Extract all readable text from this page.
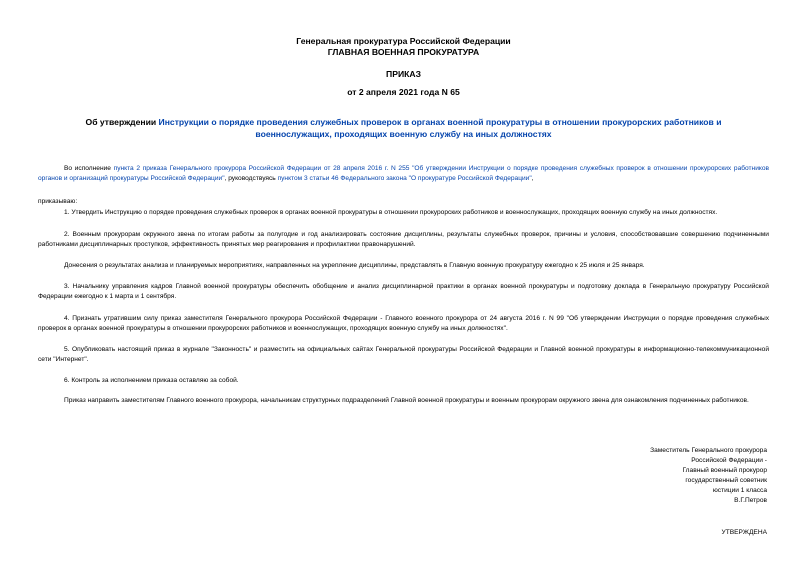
Генеральная прокуратура Российской Федерации
ГЛАВНАЯ ВОЕННАЯ ПРОКУРАТУРА
ПРИКАЗ
от 2 апреля 2021 года N 65
Об утверждении Инструкции о порядке проведения служебных проверок в органах военной прокуратуры в отношении прокурорских работников и военнослужащих, проходящих военную службу на иных должностях
Во исполнение пункта 2 приказа Генерального прокурора Российской Федерации от 28 апреля 2016 г. N 255 "Об утверждении Инструкции о порядке проведения служебных проверок в отношении прокурорских работников органов и организаций прокуратуры Российской Федерации", руководствуясь пунктом 3 статьи 46 Федерального закона "О прокуратуре Российской Федерации",
приказываю:
1. Утвердить Инструкцию о порядке проведения служебных проверок в органах военной прокуратуры в отношении прокурорских работников и военнослужащих, проходящих военную службу на иных должностях.
2. Военным прокурорам окружного звена по итогам работы за полугодие и год анализировать состояние дисциплины, результаты служебных проверок, причины и условия, способствовавшие совершению подчиненными работниками дисциплинарных проступков, эффективность принятых мер реагирования и профилактики правонарушений.
Донесения о результатах анализа и планируемых мероприятиях, направленных на укрепление дисциплины, представлять в Главную военную прокуратуру ежегодно к 25 июля и 25 января.
3. Начальнику управления кадров Главной военной прокуратуры обеспечить обобщение и анализ дисциплинарной практики в органах военной прокуратуры и подготовку доклада в Генеральную прокуратуру Российской Федерации ежегодно к 1 марта и 1 сентября.
4. Признать утратившим силу приказ заместителя Генерального прокурора Российской Федерации - Главного военного прокурора от 24 августа 2016 г. N 99 "Об утверждении Инструкции о порядке проведения служебных проверок в органах военной прокуратуры в отношении прокурорских работников и военнослужащих, проходящих военную службу на иных должностях".
5. Опубликовать настоящий приказ в журнале "Законность" и разместить на официальных сайтах Генеральной прокуратуры Российской Федерации и Главной военной прокуратуры в информационно-телекоммуникационной сети "Интернет".
6. Контроль за исполнением приказа оставляю за собой.
Приказ направить заместителям Главного военного прокурора, начальникам структурных подразделений Главной военной прокуратуры и военным прокурорам окружного звена для ознакомления подчиненных работников.
Заместитель Генерального прокурора
Российской Федерации -
Главный военный прокурор
государственный советник
юстиции 1 класса
В.Г.Петров
УТВЕРЖДЕНА
